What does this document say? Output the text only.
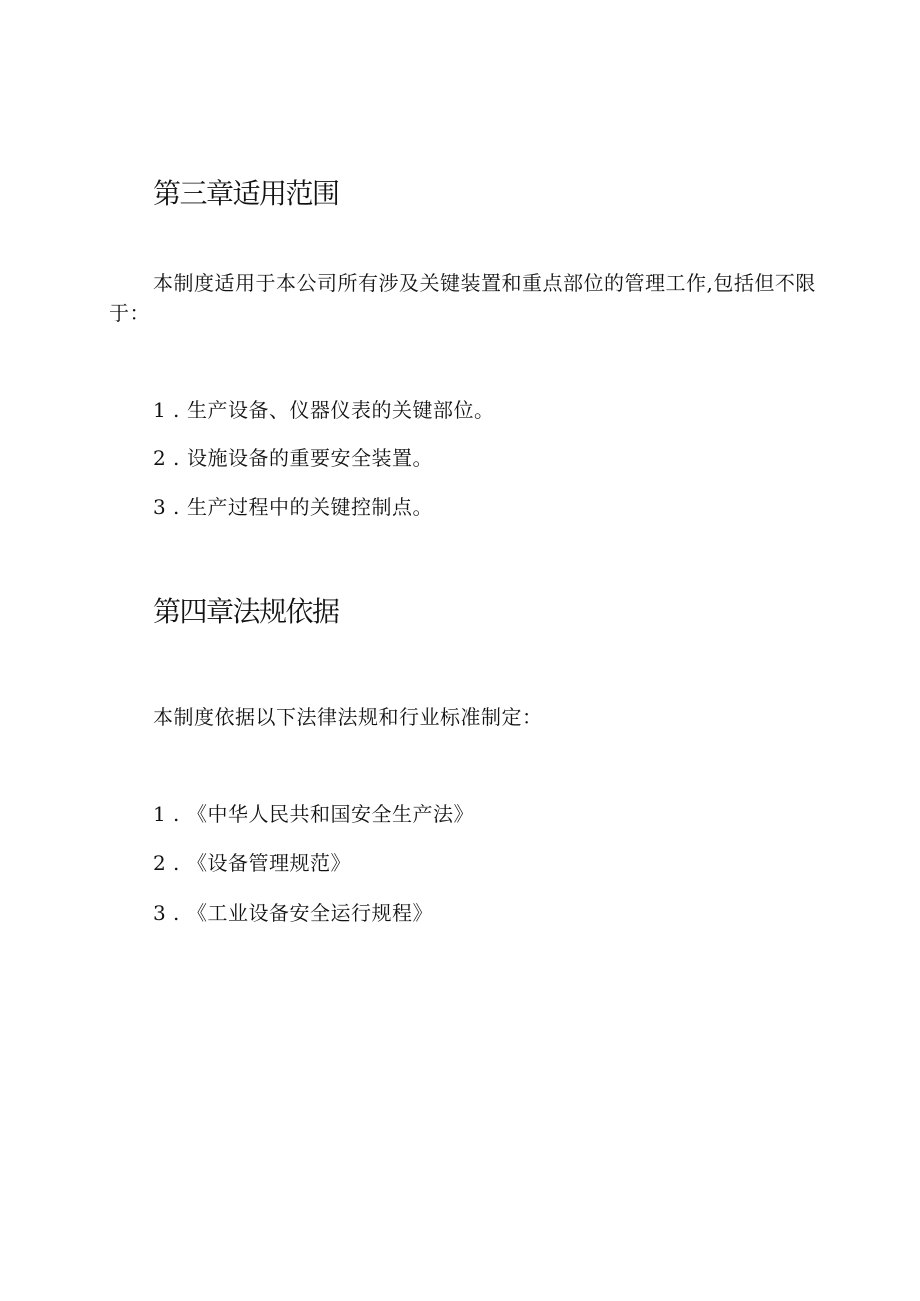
第三章适用范围

本制度适用于本公司所有涉及关键装置和重点部位的管理工作,包括但不限于：

1 . 生产设备、仪器仪表的关键部位。
2 . 设施设备的重要安全装置。
3 . 生产过程中的关键控制点。
第四章法规依据

本制度依据以下法律法规和行业标准制定：

1 . 《中华人民共和国安全生产法》
2 . 《设备管理规范》
3 . 《工业设备安全运行规程》
